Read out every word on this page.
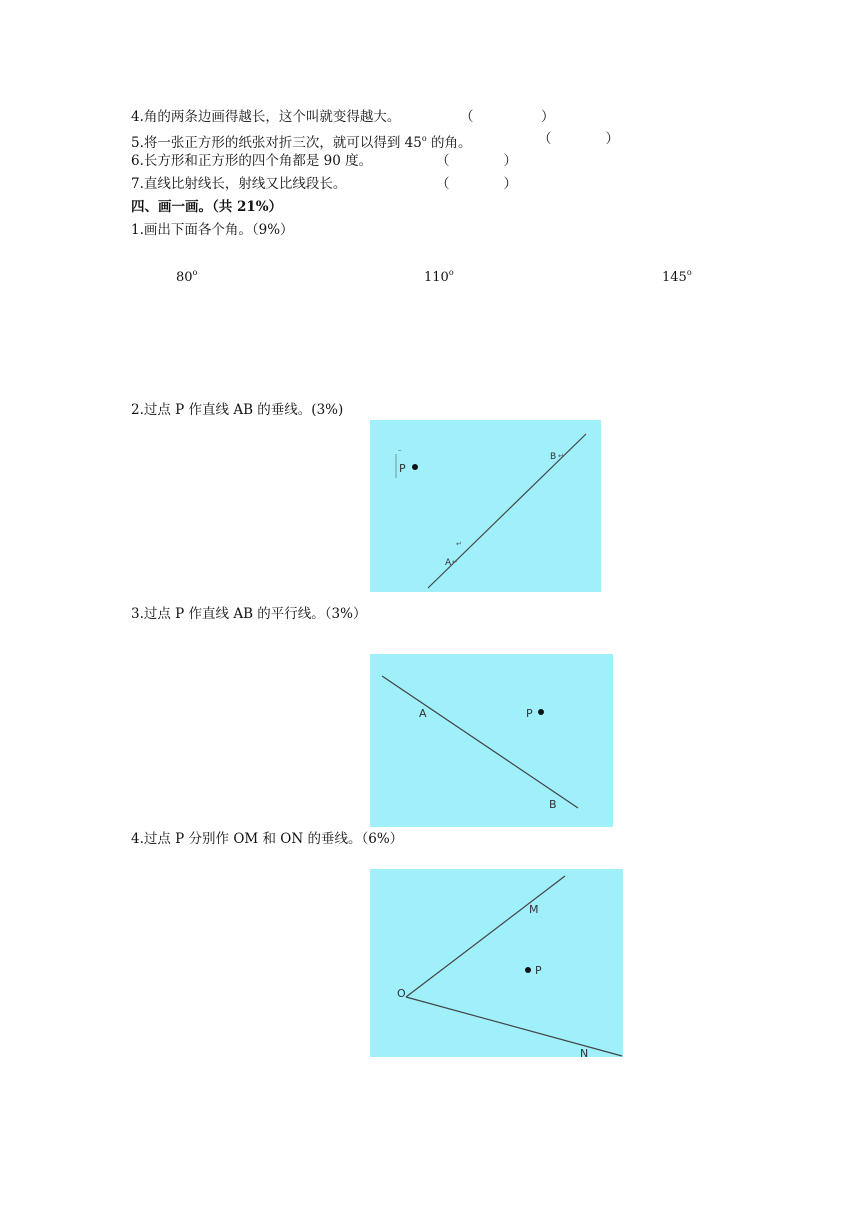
4.角的两条边画得越长，这个叫就变得越大。	（　　　　　）
5.将一张正方形的纸张对折三次，就可以得到 45$^o$ 的角。	（　　　　）
6.长方形和正方形的四个角都是 90 度。	（　　　　）
7.直线比射线长，射线又比线段长。	（　　　　）
四、画一画。（共 21%）
1.画出下面各个角。（9%）
80$^o$	110$^o$	145$^o$
2.过点 P 作直线 AB 的垂线。(3%)
–
P
B ↵
↵
A ↵
3.过点 P 作直线 AB 的平行线。（3%）
A	P
B
4.过点 P 分别作 OM 和 ON 的垂线。（6%）
O
M
P
N
